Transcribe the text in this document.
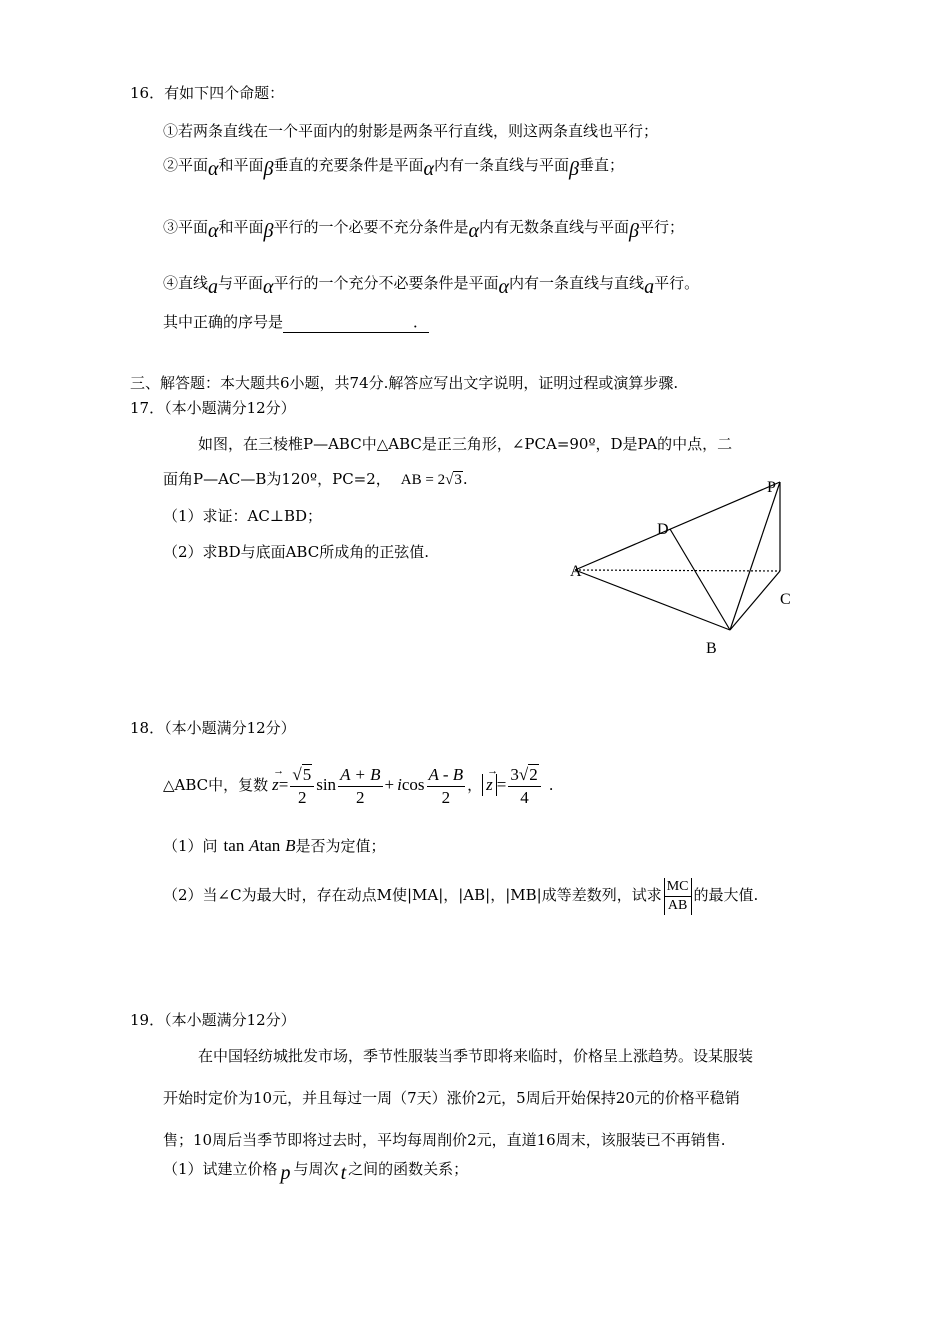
16．有如下四个命题：
①若两条直线在一个平面内的射影是两条平行直线，则这两条直线也平行；
②平面α和平面β垂直的充要条件是平面α内有一条直线与平面β垂直；
③平面α和平面β平行的一个必要不充分条件是α内有无数条直线与平面β平行；
④直线a与平面α平行的一个充分不必要条件是平面α内有一条直线与直线a平行。
其中正确的序号是	．
三、解答题：本大题共6小题，共74分.解答应写出文字说明，证明过程或演算步骤.
17．（本小题满分12分）
如图，在三棱椎P—ABC中△ABC是正三角形，∠PCA=90º，D是PA的中点，二
面角P—AC—B为120º，PC=2， AB = 2√3.
（1）求证：AC⊥BD；
（2）求BD与底面ABC所成角的正弦值.
P
D
A
C
B
18．（本小题满分12分）
△ABC中，复数 → $z= \frac{√5}{2}$ $\sin \frac{A + B}{2} + icos \frac{A - B}{2}$ ， → $z = \frac{3√2}{4}$ .
（1）问 tan Atan B是否为定值；
（2）当∠C为最大时，存在动点M使|MA|，|AB|，|MB|成等差数列，试求 $\frac{MC}{AB}$ 的最大值.
19．（本小题满分12分）
在中国轻纺城批发市场，季节性服装当季节即将来临时，价格呈上涨趋势。设某服装
开始时定价为10元，并且每过一周（7天）涨价2元，5周后开始保持20元的价格平稳销
售；10周后当季节即将过去时，平均每周削价2元，直道16周末，该服装已不再销售.
（1）试建立价格 p 与周次 t 之间的函数关系；
